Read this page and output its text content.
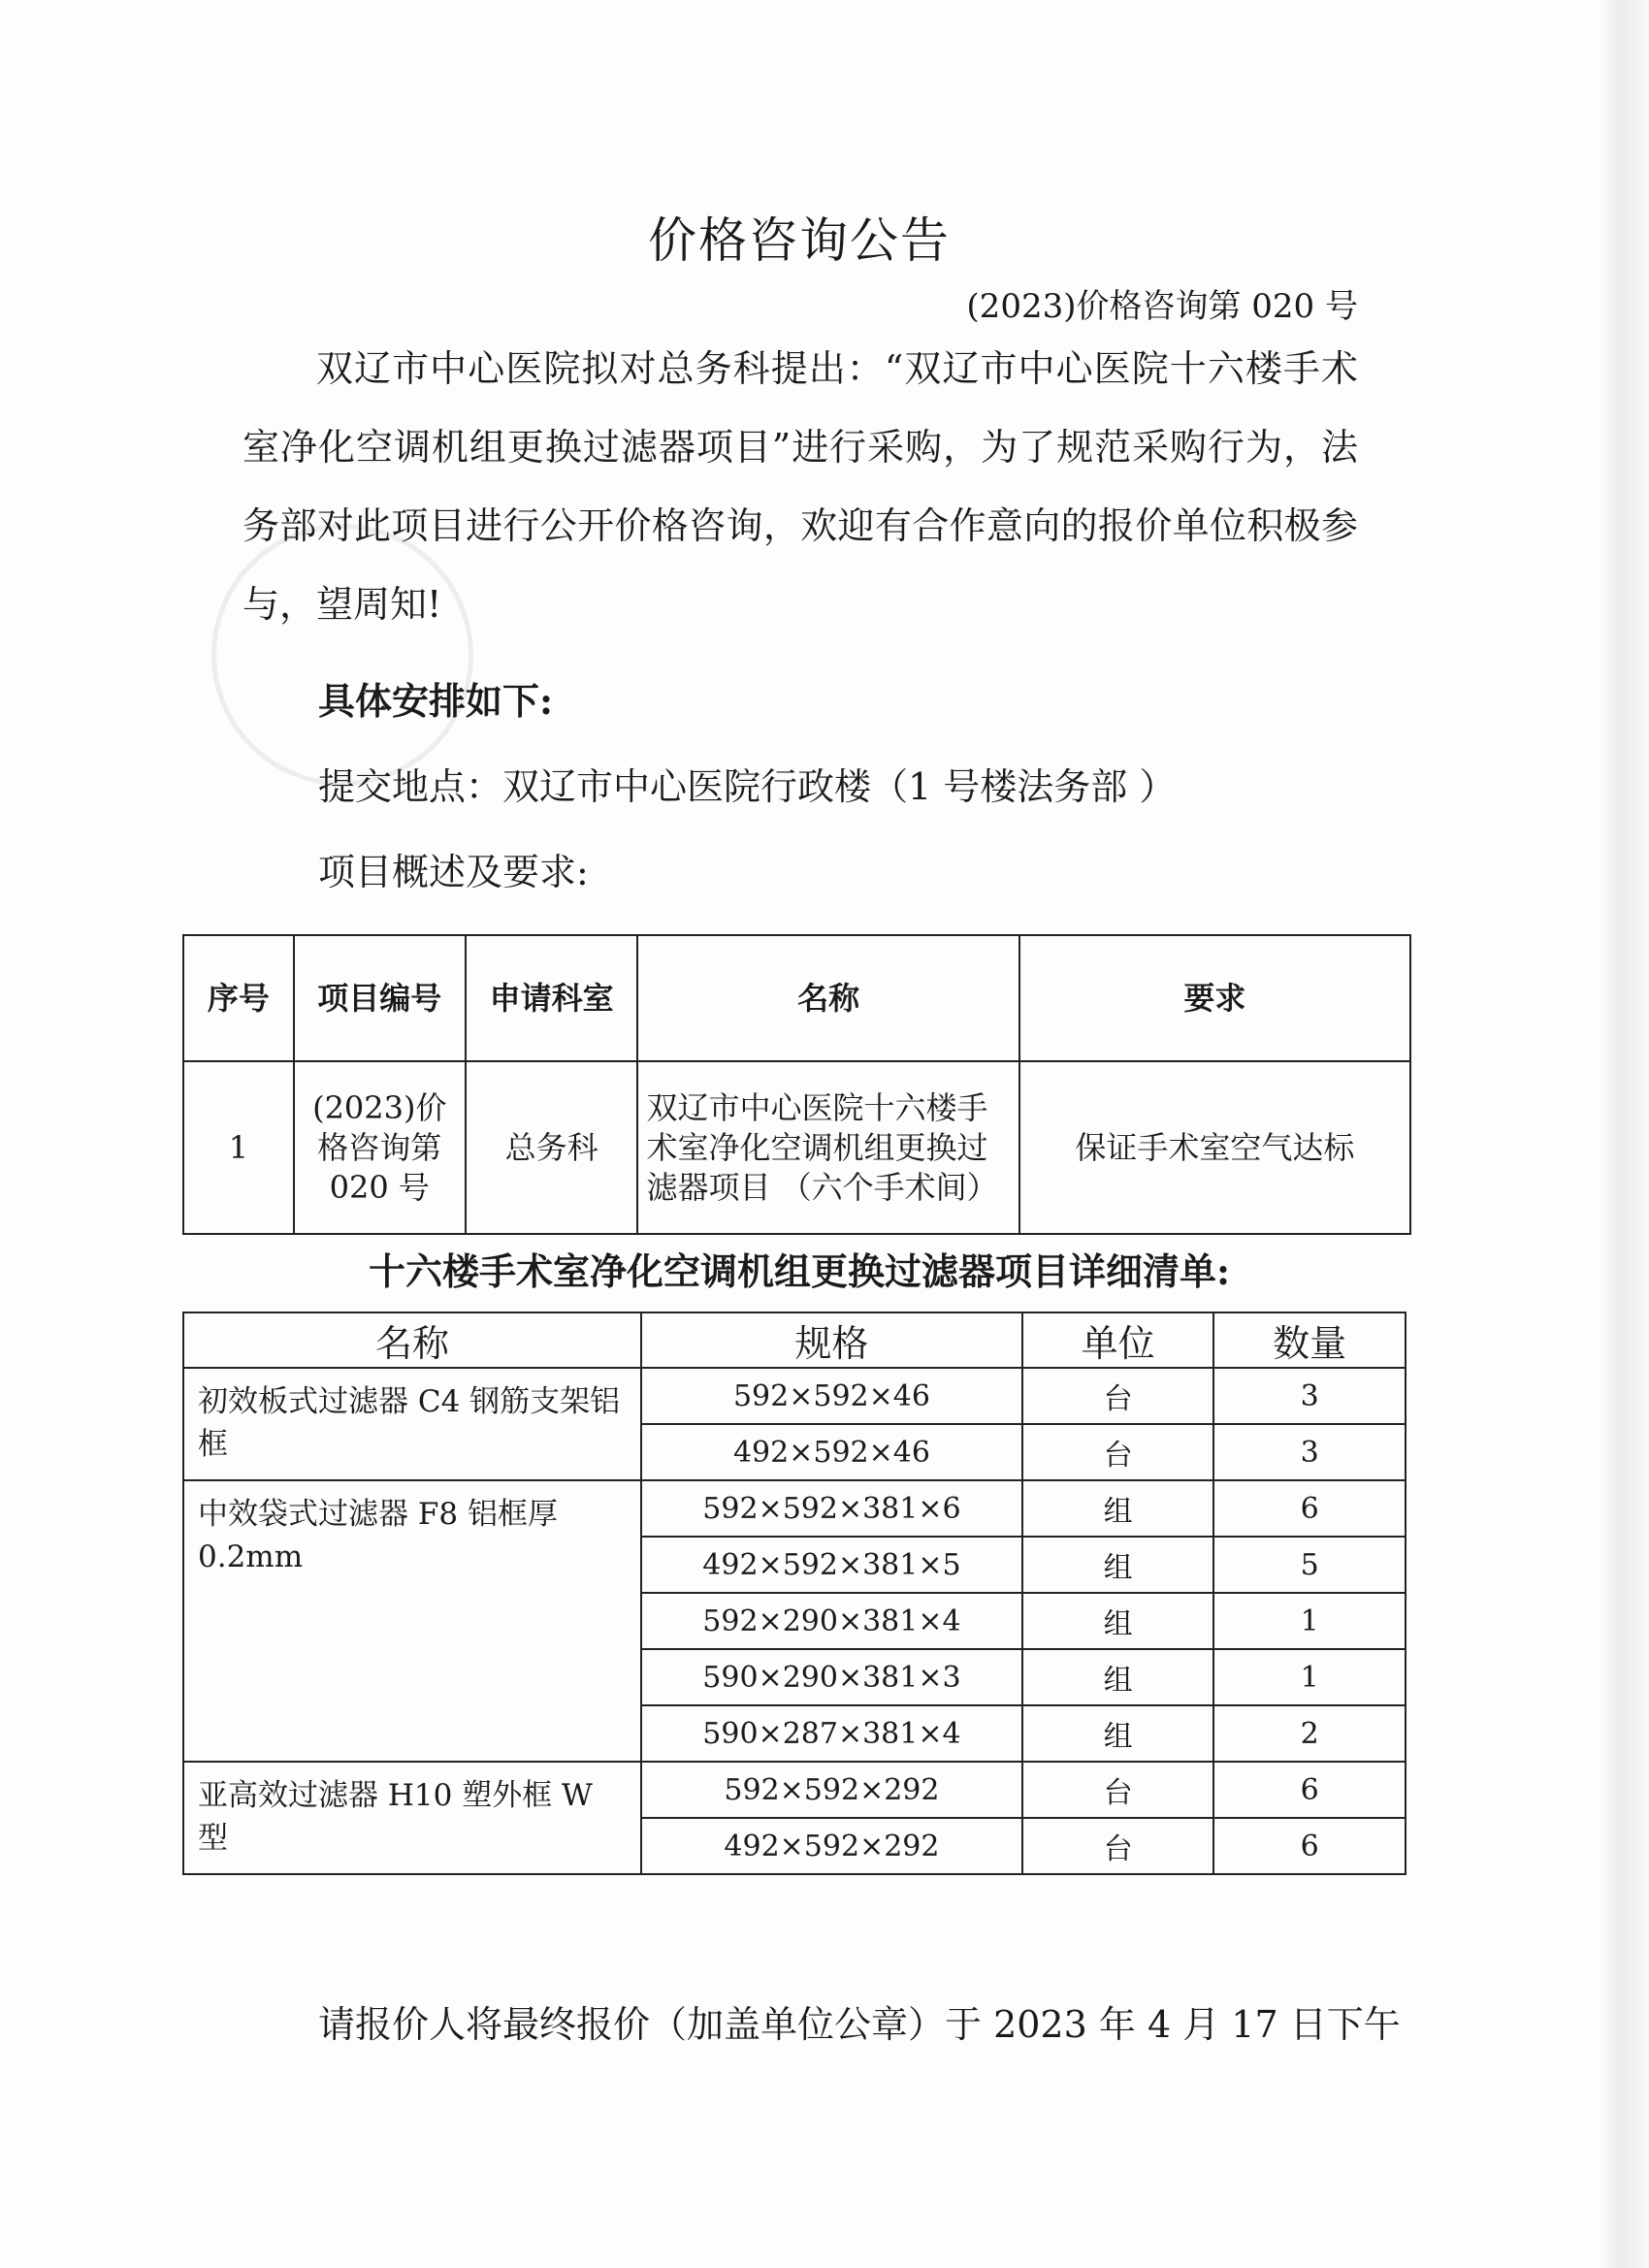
价格咨询公告
(2023)价格咨询第 020 号
双辽市中心医院拟对总务科提出：“双辽市中心医院十六楼手术室净化空调机组更换过滤器项目”进行采购，为了规范采购行为，法务部对此项目进行公开价格咨询，欢迎有合作意向的报价单位积极参与，望周知!
具体安排如下:
提交地点：双辽市中心医院行政楼（1 号楼法务部 ）
项目概述及要求:
序号	项目编号	申请科室	名称	要求
1	(2023)价格咨询第 020 号	总务科	双辽市中心医院十六楼手术室净化空调机组更换过滤器项目 （六个手术间）	保证手术室空气达标
十六楼手术室净化空调机组更换过滤器项目详细清单:
名称	规格	单位	数量
初效板式过滤器 C4 钢筋支架铝框	592×592×46	台	3
	492×592×46	台	3
中效袋式过滤器 F8 铝框厚 0.2mm	592×592×381×6	组	6
	492×592×381×5	组	5
	592×290×381×4	组	1
	590×290×381×3	组	1
	590×287×381×4	组	2
亚高效过滤器 H10 塑外框 W 型	592×592×292	台	6
	492×592×292	台	6
请报价人将最终报价（加盖单位公章）于 2023 年 4 月 17 日下午
